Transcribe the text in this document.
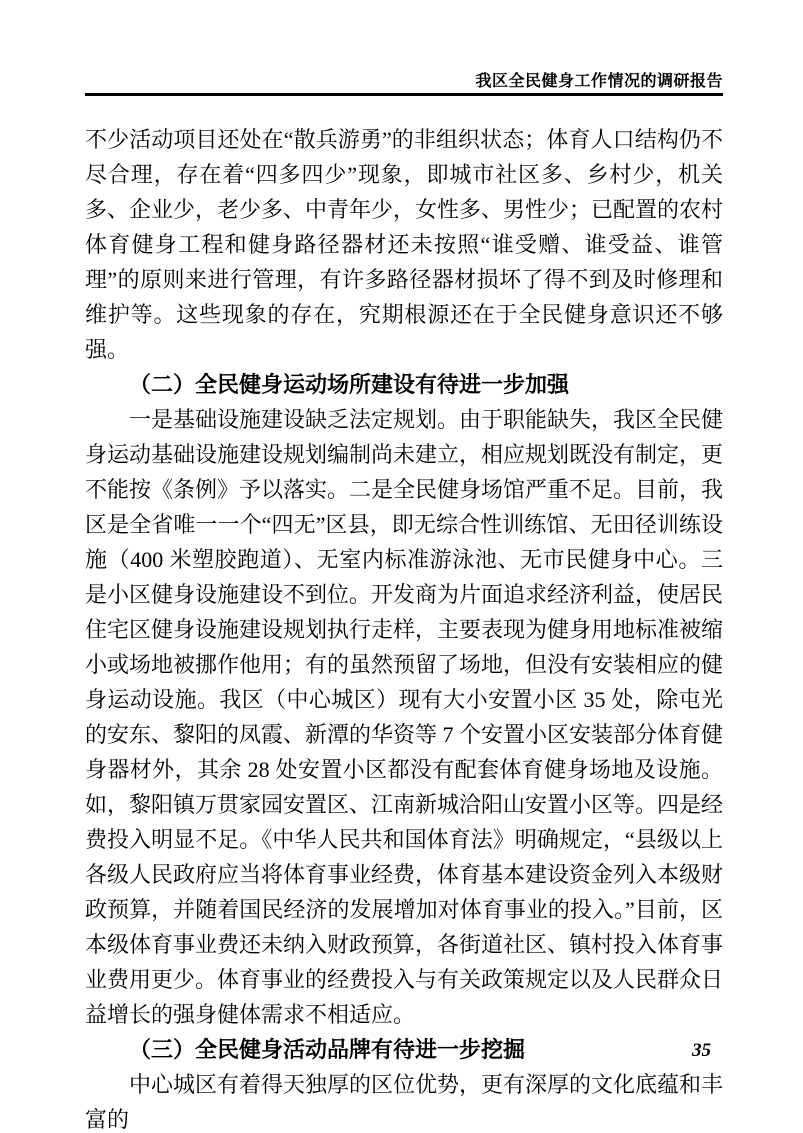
我区全民健身工作情况的调研报告

不少活动项目还处在“散兵游勇”的非组织状态；体育人口结构仍不尽合理，存在着“四多四少”现象，即城市社区多、乡村少，机关多、企业少，老少多、中青年少，女性多、男性少；已配置的农村体育健身工程和健身路径器材还未按照“谁受赠、谁受益、谁管理”的原则来进行管理，有许多路径器材损坏了得不到及时修理和维护等。这些现象的存在，究期根源还在于全民健身意识还不够强。

（二）全民健身运动场所建设有待进一步加强

一是基础设施建设缺乏法定规划。由于职能缺失，我区全民健身运动基础设施建设规划编制尚未建立，相应规划既没有制定，更不能按《条例》予以落实。二是全民健身场馆严重不足。目前，我区是全省唯一一个“四无”区县，即无综合性训练馆、无田径训练设施（400 米塑胶跑道）、无室内标准游泳池、无市民健身中心。三是小区健身设施建设不到位。开发商为片面追求经济利益，使居民住宅区健身设施建设规划执行走样，主要表现为健身用地标准被缩小或场地被挪作他用；有的虽然预留了场地，但没有安装相应的健身运动设施。我区（中心城区）现有大小安置小区 35 处，除屯光的安东、黎阳的凤霞、新潭的华资等 7 个安置小区安装部分体育健身器材外，其余 28 处安置小区都没有配套体育健身场地及设施。如，黎阳镇万贯家园安置区、江南新城洽阳山安置小区等。四是经费投入明显不足。《中华人民共和国体育法》明确规定，“县级以上各级人民政府应当将体育事业经费，体育基本建设资金列入本级财政预算，并随着国民经济的发展增加对体育事业的投入。”目前，区本级体育事业费还未纳入财政预算，各街道社区、镇村投入体育事业费用更少。体育事业的经费投入与有关政策规定以及人民群众日益增长的强身健体需求不相适应。

（三）全民健身活动品牌有待进一步挖掘

中心城区有着得天独厚的区位优势，更有深厚的文化底蕴和丰富的

35
